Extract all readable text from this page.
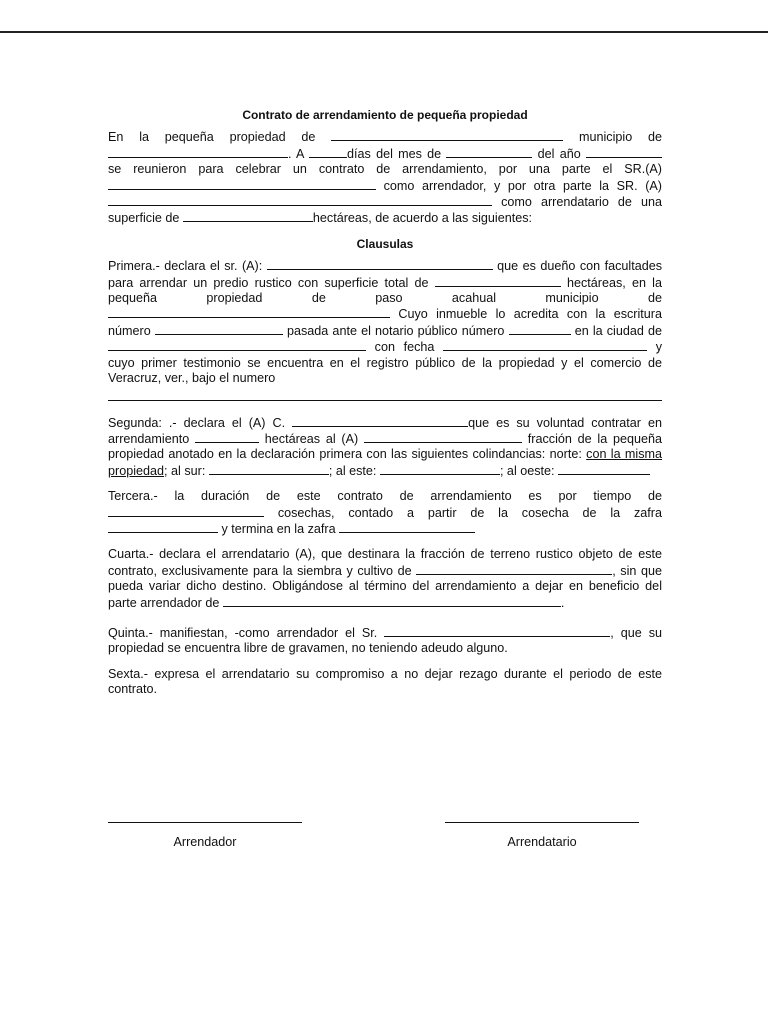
Contrato de arrendamiento de pequeña propiedad

En la pequeña propiedad de	municipio de . A	días del mes de	del año  se reunieron para celebrar un contrato de arrendamiento, por una parte el SR.(A)  como arrendador, y por otra parte la SR. (A)  como arrendatario de una superficie de	hectáreas, de acuerdo a las siguientes:

Clausulas

Primera.- declara el sr. (A):	que es dueño con facultades para arrendar un predio rustico con superficie total de	hectáreas, en la pequeña propiedad de paso acahual municipio de  Cuyo inmueble lo acredita con la escritura número	pasada ante el notario público número	en la ciudad de  con fecha	y cuyo primer testimonio se encuentra en el registro público de la propiedad y el comercio de Veracruz, ver., bajo el numero

Segunda: .- declara el (A) C.	que es su voluntad contratar en arrendamiento	hectáreas al (A)	fracción de la pequeña propiedad anotado en la declaración primera con las siguientes colindancias: norte: con la misma propiedad; al sur:	; al este:	; al oeste:

Tercera.- la duración de este contrato de arrendamiento es por tiempo de  cosechas, contado a partir de la cosecha de la zafra  y termina en la zafra

Cuarta.- declara el arrendatario (A), que destinara la fracción de terreno rustico objeto de este contrato, exclusivamente para la siembra y cultivo de	, sin que pueda variar dicho destino. Obligándose al término del arrendamiento a dejar en beneficio del parte arrendador de	.

Quinta.- manifiestan, -como arrendador el Sr.	, que su propiedad se encuentra libre de gravamen, no teniendo adeudo alguno.

Sexta.- expresa el arrendatario su compromiso a no dejar rezago durante el periodo de este contrato.

Arrendador	Arrendatario
